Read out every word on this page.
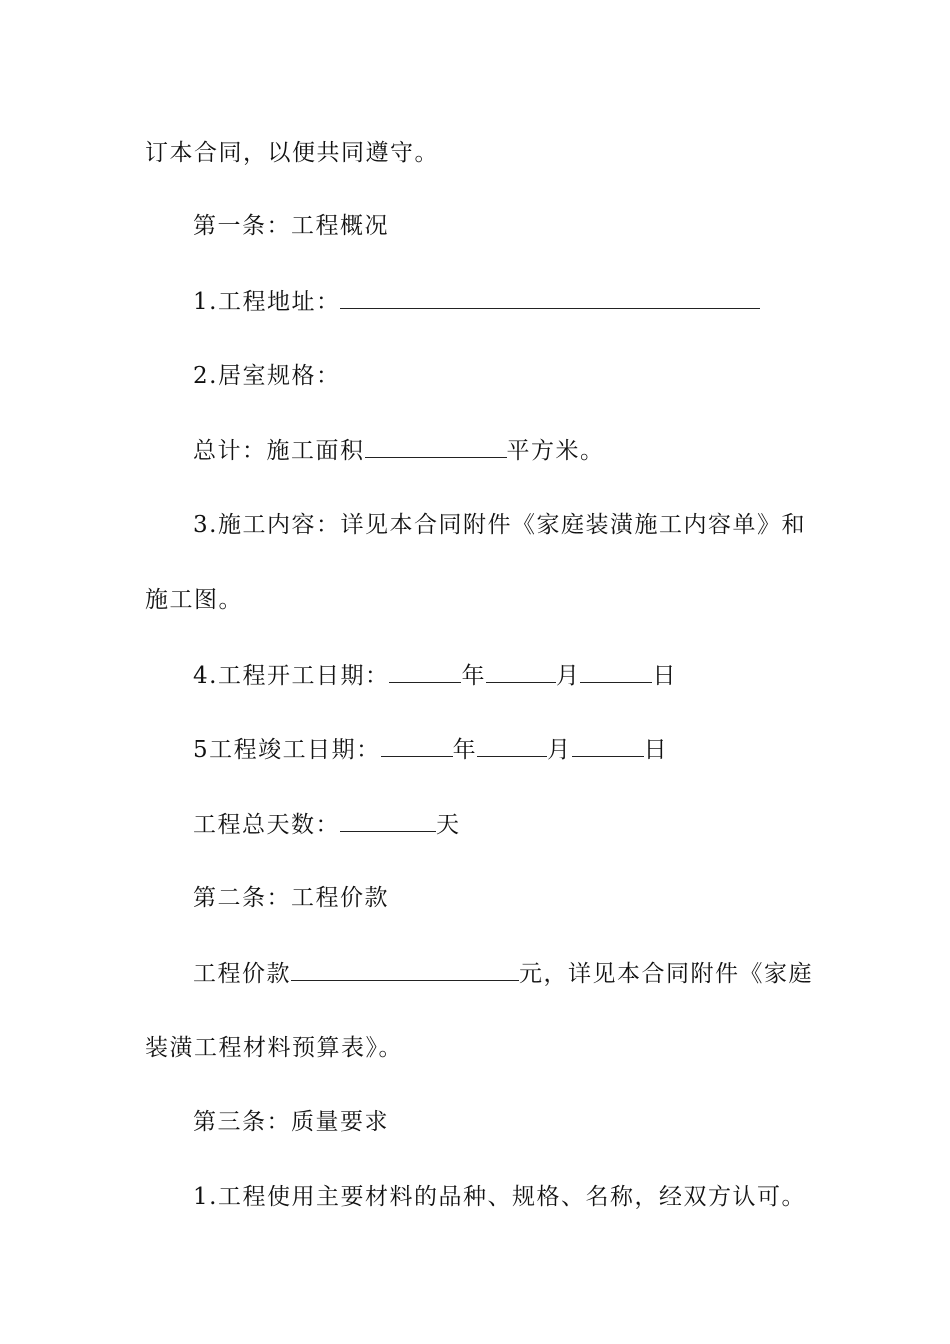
订本合同，以便共同遵守。
第一条：工程概况
1.工程地址：
2.居室规格：
总计：施工面积	平方米。
3.施工内容：详见本合同附件《家庭装潢施工内容单》和
施工图。
4.工程开工日期：	年	月	日
5工程竣工日期：	年	月	日
工程总天数：	天
第二条：工程价款
工程价款	元，详见本合同附件《家庭
装潢工程材料预算表》。
第三条：质量要求
1.工程使用主要材料的品种、规格、名称，经双方认可。
